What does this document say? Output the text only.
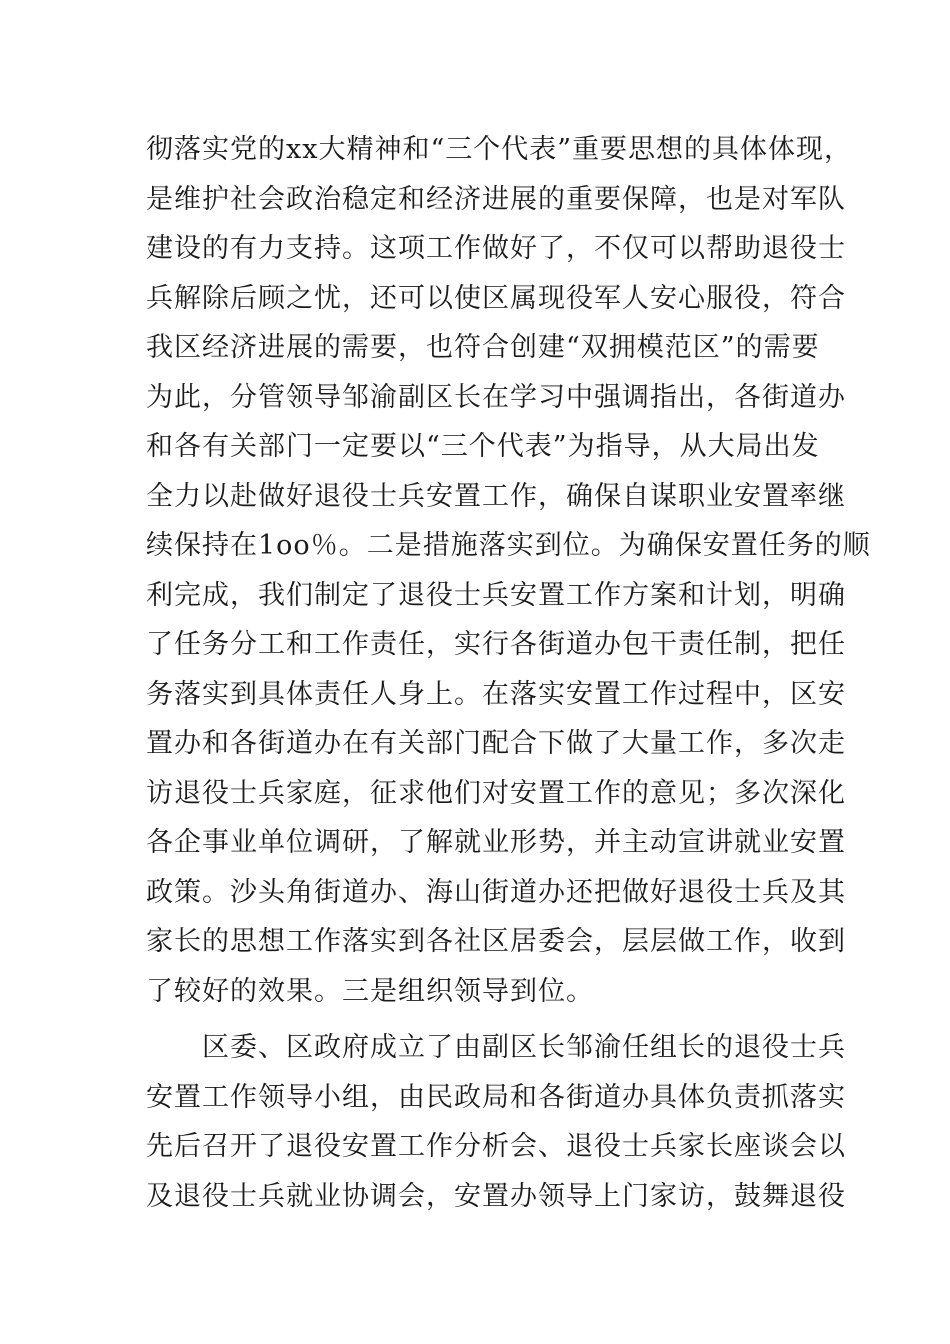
彻落实党的xx大精神和“三个代表”重要思想的具体体现，
是维护社会政治稳定和经济进展的重要保障，也是对军队
建设的有力支持。这项工作做好了，不仅可以帮助退役士
兵解除后顾之忧，还可以使区属现役军人安心服役，符合
我区经济进展的需要，也符合创建“双拥模范区”的需要
为此，分管领导邹渝副区长在学习中强调指出，各街道办
和各有关部门一定要以“三个代表”为指导，从大局出发
全力以赴做好退役士兵安置工作，确保自谋职业安置率继
续保持在1oo％。二是措施落实到位。为确保安置任务的顺
利完成，我们制定了退役士兵安置工作方案和计划，明确
了任务分工和工作责任，实行各街道办包干责任制，把任
务落实到具体责任人身上。在落实安置工作过程中，区安
置办和各街道办在有关部门配合下做了大量工作，多次走
访退役士兵家庭，征求他们对安置工作的意见；多次深化
各企事业单位调研，了解就业形势，并主动宣讲就业安置
政策。沙头角街道办、海山街道办还把做好退役士兵及其
家长的思想工作落实到各社区居委会，层层做工作，收到
了较好的效果。三是组织领导到位。
区委、区政府成立了由副区长邹渝任组长的退役士兵
安置工作领导小组，由民政局和各街道办具体负责抓落实
先后召开了退役安置工作分析会、退役士兵家长座谈会以
及退役士兵就业协调会，安置办领导上门家访，鼓舞退役
